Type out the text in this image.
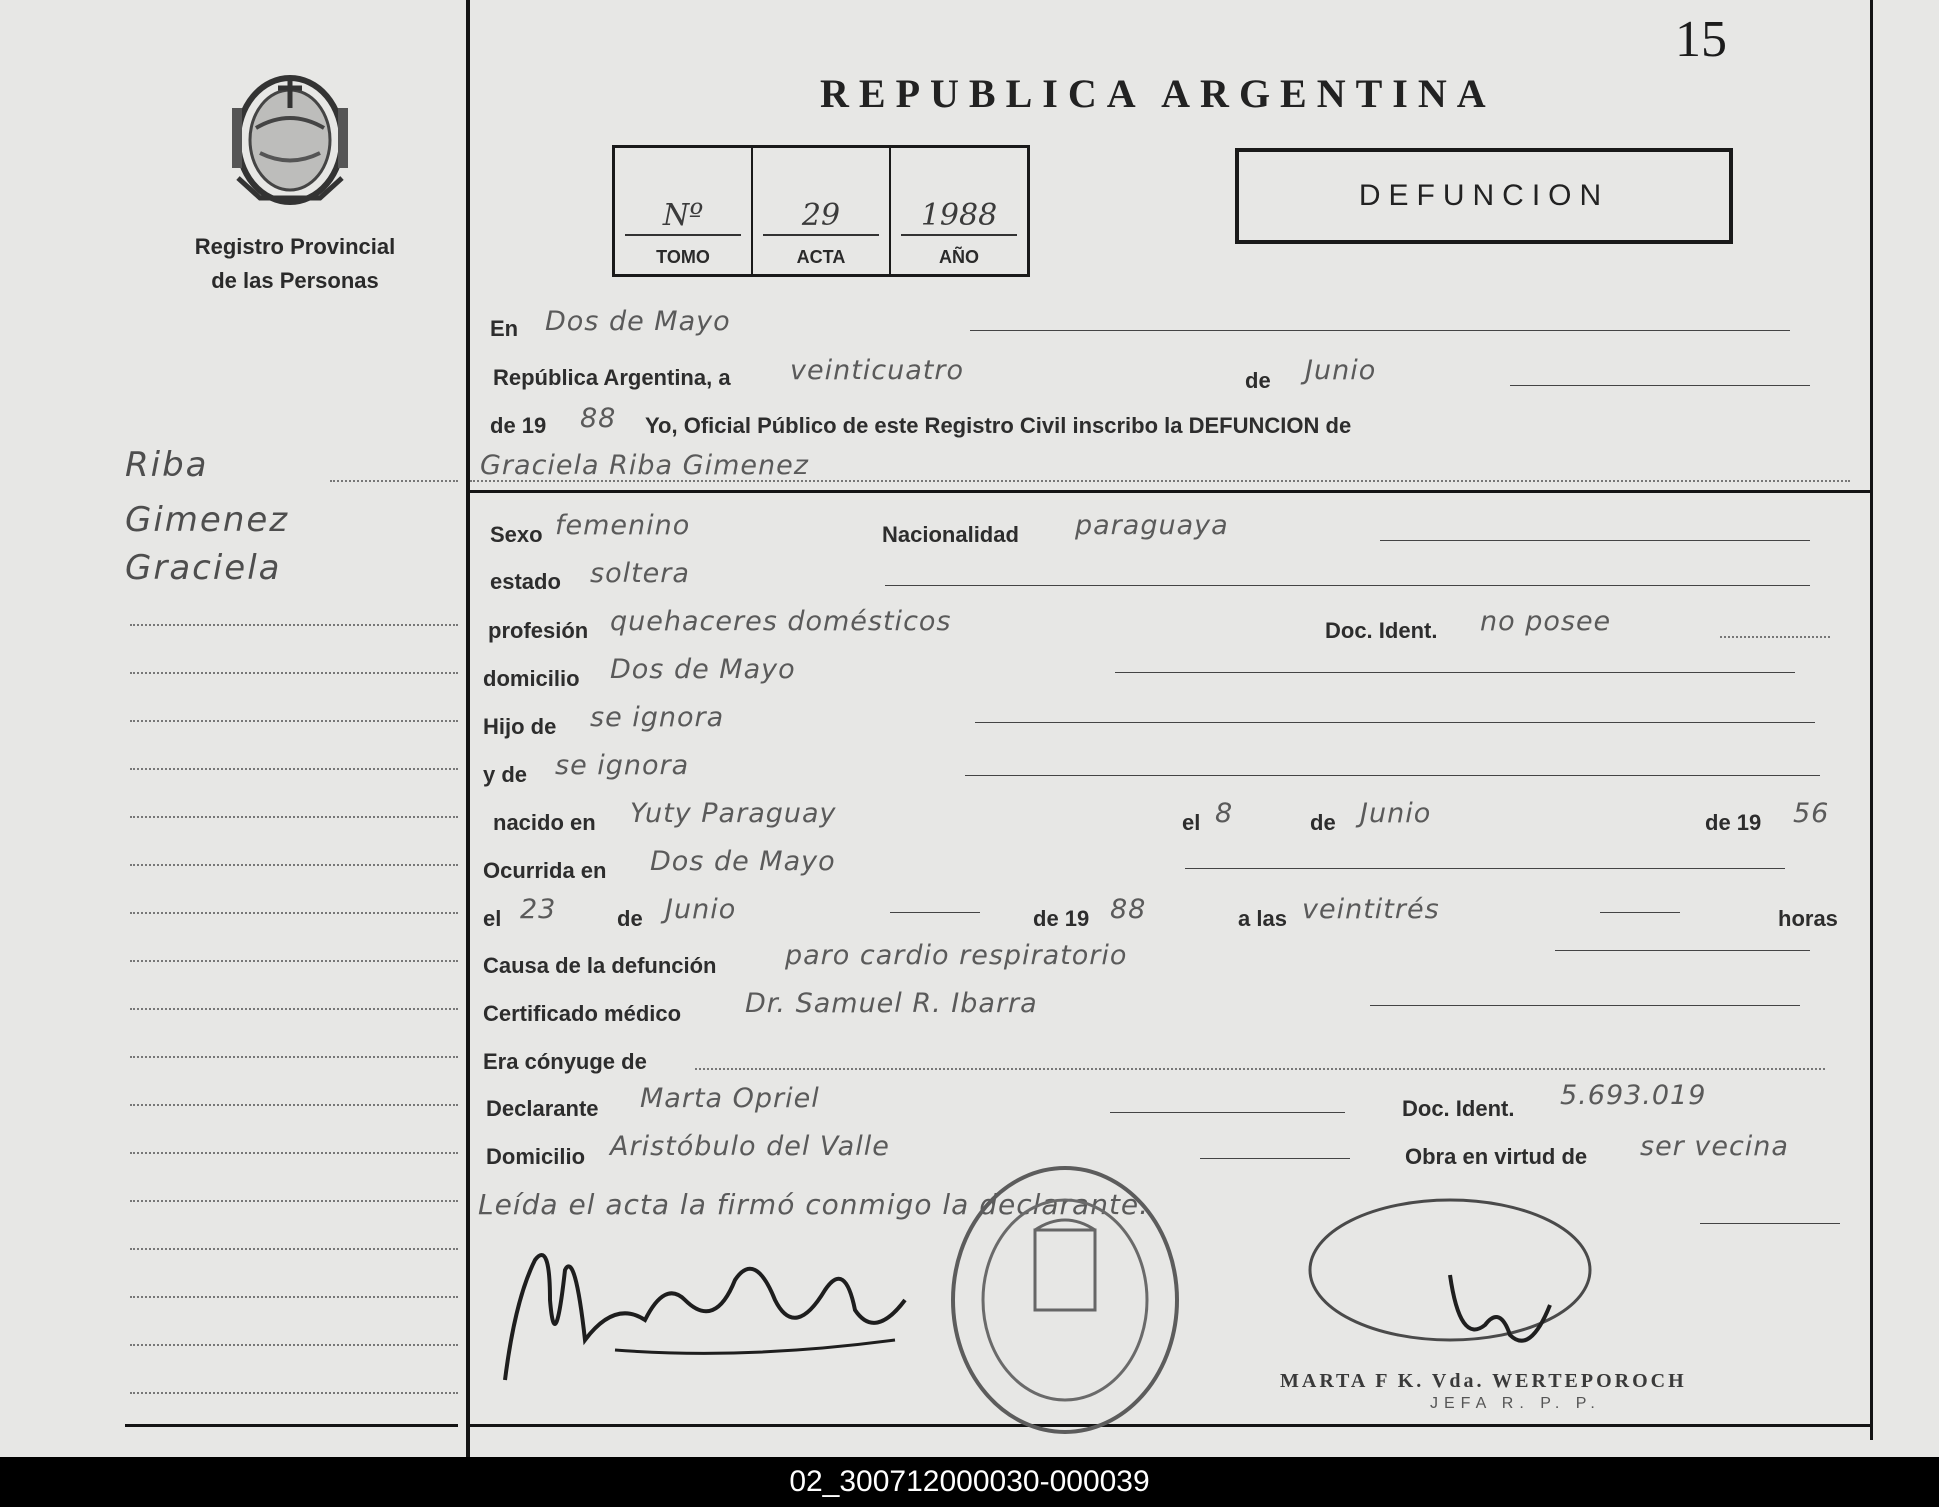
15
Registro Provincial
de las Personas
REPUBLICA ARGENTINA
Nº
TOMO
29
ACTA
1988
AÑO
DEFUNCION
Riba
Gimenez
Graciela
En Dos de Mayo
República Argentina, a veinticuatro	de Junio
de 19 88 Yo, Oficial Público de este Registro Civil inscribo la DEFUNCION de
Graciela Riba Gimenez
Sexo femenino	Nacionalidad paraguaya
estado soltera
profesión quehaceres domésticos	Doc. Ident. no posee
domicilio Dos de Mayo
Hijo de se ignora
y de se ignora
nacido en Yuty Paraguay	el 8	de Junio	de 19 56
Ocurrida en Dos de Mayo
el 23	de Junio	de 19 88	a las veintitrés	horas
Causa de la defunción	paro cardio respiratorio
Certificado médico Dr. Samuel R. Ibarra
Era cónyuge de
Declarante Marta Opriel	Doc. Ident. 5.693.019
Domicilio Aristóbulo del Valle	Obra en virtud de ser vecina
Leída el acta la firmó conmigo la declarante.
MARTA F K. Vda. WERTEPOROCH
JEFA R. P. P.
02_300712000030-000039
